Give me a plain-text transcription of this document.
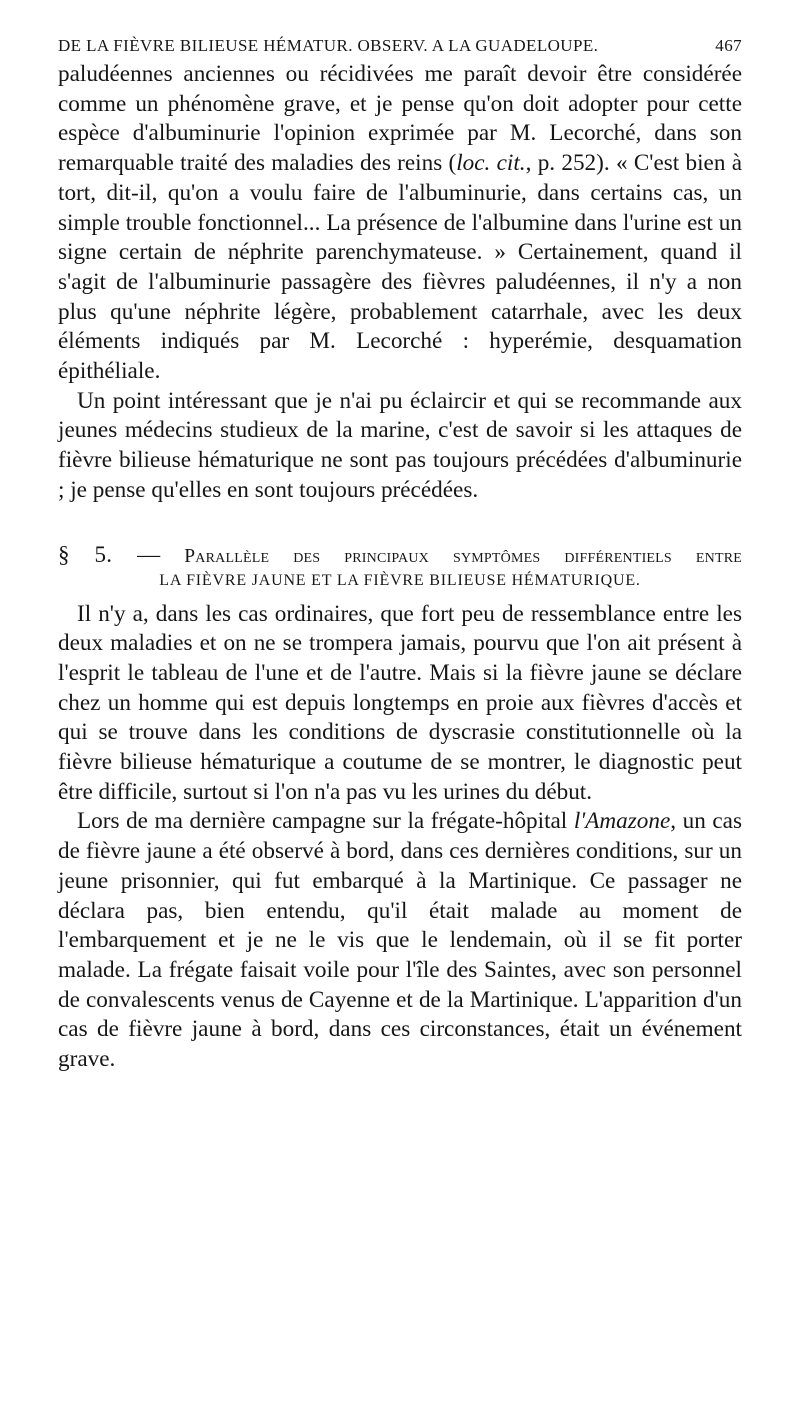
DE LA FIÈVRE BILIEUSE HÉMATUR. OBSERV. A LA GUADELOUPE.	467

paludéennes anciennes ou récidivées me paraît devoir être considérée comme un phénomène grave, et je pense qu'on doit adopter pour cette espèce d'albuminurie l'opinion exprimée par M. Lecorché, dans son remarquable traité des maladies des reins (loc. cit., p. 252). « C'est bien à tort, dit-il, qu'on a voulu faire de l'albuminurie, dans certains cas, un simple trouble fonctionnel... La présence de l'albumine dans l'urine est un signe certain de néphrite parenchymateuse. » Certainement, quand il s'agit de l'albuminurie passagère des fièvres paludéennes, il n'y a non plus qu'une néphrite légère, probablement catarrhale, avec les deux éléments indiqués par M. Lecorché : hyperémie, desquamation épithéliale.

Un point intéressant que je n'ai pu éclaircir et qui se recommande aux jeunes médecins studieux de la marine, c'est de savoir si les attaques de fièvre bilieuse hématurique ne sont pas toujours précédées d'albuminurie ; je pense qu'elles en sont toujours précédées.

§ 5. — Parallèle des principaux symptômes différentiels entre
LA FIÈVRE JAUNE ET LA FIÈVRE BILIEUSE HÉMATURIQUE.

Il n'y a, dans les cas ordinaires, que fort peu de ressemblance entre les deux maladies et on ne se trompera jamais, pourvu que l'on ait présent à l'esprit le tableau de l'une et de l'autre. Mais si la fièvre jaune se déclare chez un homme qui est depuis longtemps en proie aux fièvres d'accès et qui se trouve dans les conditions de dyscrasie constitutionnelle où la fièvre bilieuse hématurique a coutume de se montrer, le diagnostic peut être difficile, surtout si l'on n'a pas vu les urines du début.

Lors de ma dernière campagne sur la frégate-hôpital l'Amazone, un cas de fièvre jaune a été observé à bord, dans ces dernières conditions, sur un jeune prisonnier, qui fut embarqué à la Martinique. Ce passager ne déclara pas, bien entendu, qu'il était malade au moment de l'embarquement et je ne le vis que le lendemain, où il se fit porter malade. La frégate faisait voile pour l'île des Saintes, avec son personnel de convalescents venus de Cayenne et de la Martinique. L'apparition d'un cas de fièvre jaune à bord, dans ces circonstances, était un événement grave.
